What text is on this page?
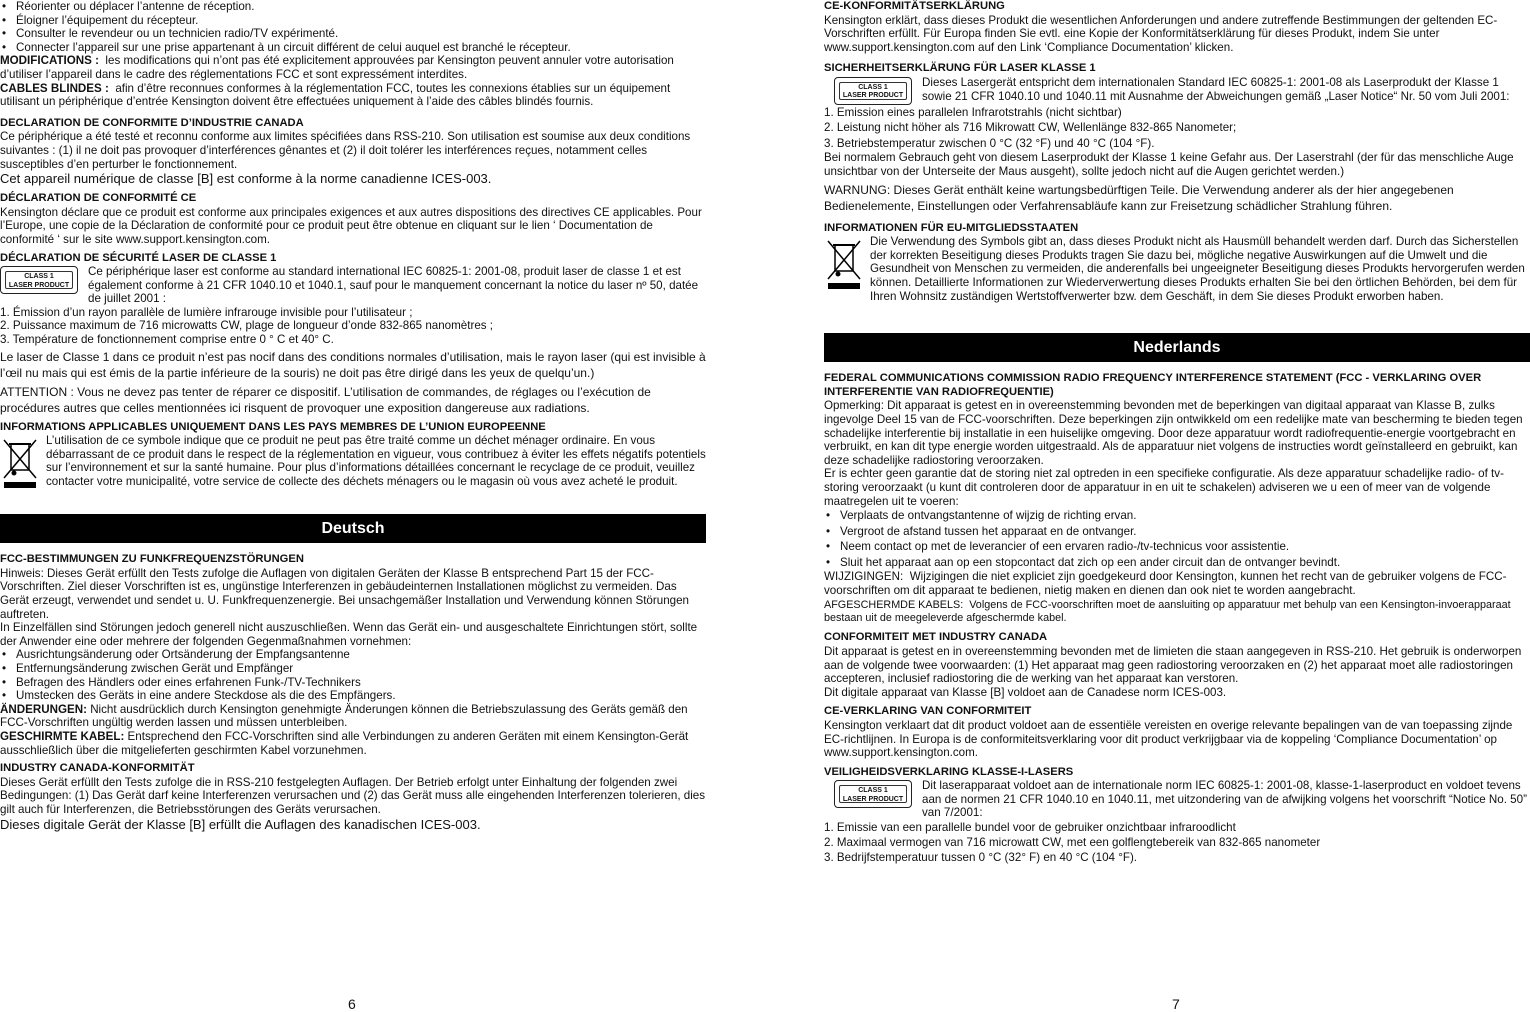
• Réorienter ou déplacer l’antenne de réception.
• Éloigner l’équipement du récepteur.
• Consulter le revendeur ou un technicien radio/TV expérimenté.
• Connecter l’appareil sur une prise appartenant à un circuit différent de celui auquel est branché le récepteur.

MODIFICATIONS : les modifications qui n’ont pas été explicitement approuvées par Kensington peuvent annuler votre autorisation d’utiliser l’appareil dans le cadre des réglementations FCC et sont expressément interdites.

CABLES BLINDES : afin d’être reconnues conformes à la réglementation FCC, toutes les connexions établies sur un équipement utilisant un périphérique d’entrée Kensington doivent être effectuées uniquement à l’aide des câbles blindés fournis.

DECLARATION DE CONFORMITE D’INDUSTRIE CANADA

Ce périphérique a été testé et reconnu conforme aux limites spécifiées dans RSS-210. Son utilisation est soumise aux deux conditions suivantes : (1) il ne doit pas provoquer d’interférences gênantes et (2) il doit tolérer les interférences reçues, notamment celles susceptibles d’en perturber le fonctionnement.

Cet appareil numérique de classe [B] est conforme à la norme canadienne ICES-003.

DÉCLARATION DE CONFORMITÉ CE

Kensington déclare que ce produit est conforme aux principales exigences et aux autres dispositions des directives CE applicables. Pour l’Europe, une copie de la Déclaration de conformité pour ce produit peut être obtenue en cliquant sur le lien ‘ Documentation de conformité ‘ sur le site www.support.kensington.com.

DÉCLARATION DE SÉCURITÉ LASER DE CLASSE 1
CLASS 1
LASER PRODUCT

Ce périphérique laser est conforme au standard international IEC 60825-1: 2001-08, produit laser de classe 1 et est également conforme à 21 CFR 1040.10 et 1040.1, sauf pour le manquement concernant la notice du laser nº 50, datée de juillet 2001 :

1. Émission d’un rayon parallèle de lumière infrarouge invisible pour l’utilisateur ;
2. Puissance maximum de 716 microwatts CW, plage de longueur d’onde 832-865 nanomètres ;
3. Température de fonctionnement comprise entre 0 ° C et 40° C.

Le laser de Classe 1 dans ce produit n’est pas nocif dans des conditions normales d’utilisation, mais le rayon laser (qui est invisible à l’œil nu mais qui est émis de la partie inférieure de la souris) ne doit pas être dirigé dans les yeux de quelqu’un.)

ATTENTION : Vous ne devez pas tenter de réparer ce dispositif. L’utilisation de commandes, de réglages ou l’exécution de procédures autres que celles mentionnées ici risquent de provoquer une exposition dangereuse aux radiations.

INFORMATIONS APPLICABLES UNIQUEMENT DANS LES PAYS MEMBRES DE L’UNION EUROPEENNE

L’utilisation de ce symbole indique que ce produit ne peut pas être traité comme un déchet ménager ordinaire. En vous débarrassant de ce produit dans le respect de la réglementation en vigueur, vous contribuez à éviter les effets négatifs potentiels sur l’environnement et sur la santé humaine. Pour plus d’informations détaillées concernant le recyclage de ce produit, veuillez contacter votre municipalité, votre service de collecte des déchets ménagers ou le magasin où vous avez acheté le produit.

Deutsch
FCC-BESTIMMUNGEN ZU FUNKFREQUENZSTÖRUNGEN

Hinweis: Dieses Gerät erfüllt den Tests zufolge die Auflagen von digitalen Geräten der Klasse B entsprechend Part 15 der FCC-Vorschriften. Ziel dieser Vorschriften ist es, ungünstige Interferenzen in gebäudeinternen Installationen möglichst zu vermeiden. Das Gerät erzeugt, verwendet und sendet u. U. Funkfrequenzenergie. Bei unsachgemäßer Installation und Verwendung können Störungen auftreten.

In Einzelfällen sind Störungen jedoch generell nicht auszuschließen. Wenn das Gerät ein- und ausgeschaltete Einrichtungen stört, sollte der Anwender eine oder mehrere der folgenden Gegenmaßnahmen vornehmen:

• Ausrichtungsänderung oder Ortsänderung der Empfangsantenne
• Entfernungsänderung zwischen Gerät und Empfänger
• Befragen des Händlers oder eines erfahrenen Funk-/TV-Technikers
• Umstecken des Geräts in eine andere Steckdose als die des Empfängers.

ÄNDERUNGEN: Nicht ausdrücklich durch Kensington genehmigte Änderungen können die Betriebszulassung des Geräts gemäß den FCC-Vorschriften ungültig werden lassen und müssen unterbleiben.

GESCHIRMTE KABEL: Entsprechend den FCC-Vorschriften sind alle Verbindungen zu anderen Geräten mit einem Kensington-Gerät ausschließlich über die mitgelieferten geschirmten Kabel vorzunehmen.

INDUSTRY CANADA-KONFORMITÄT

Dieses Gerät erfüllt den Tests zufolge die in RSS-210 festgelegten Auflagen. Der Betrieb erfolgt unter Einhaltung der folgenden zwei Bedingungen: (1) Das Gerät darf keine Interferenzen verursachen und (2) das Gerät muss alle eingehenden Interferenzen tolerieren, dies gilt auch für Interferenzen, die Betriebsstörungen des Geräts verursachen.

Dieses digitale Gerät der Klasse [B] erfüllt die Auflagen des kanadischen ICES-003.

6
CE-KONFORMITÄTSERKLÄRUNG

Kensington erklärt, dass dieses Produkt die wesentlichen Anforderungen und andere zutreffende Bestimmungen der geltenden EC-Vorschriften erfüllt. Für Europa finden Sie evtl. eine Kopie der Konformitätserklärung für dieses Produkt, indem Sie unter www.support.kensington.com auf den Link ‘Compliance Documentation’ klicken.

SICHERHEITSERKLÄRUNG FÜR LASER KLASSE 1
CLASS 1
LASER PRODUCT

Dieses Lasergerät entspricht dem internationalen Standard IEC 60825-1: 2001-08 als Laserprodukt der Klasse 1 sowie 21 CFR 1040.10 und 1040.11 mit Ausnahme der Abweichungen gemäß „Laser Notice“ Nr. 50 vom Juli 2001:

1. Emission eines parallelen Infrarotstrahls (nicht sichtbar)
2. Leistung nicht höher als 716 Mikrowatt CW, Wellenlänge 832-865 Nanometer;
3. Betriebstemperatur zwischen 0 °C (32 °F) und 40 °C (104 °F).

Bei normalem Gebrauch geht von diesem Laserprodukt der Klasse 1 keine Gefahr aus. Der Laserstrahl (der für das menschliche Auge unsichtbar von der Unterseite der Maus ausgeht), sollte jedoch nicht auf die Augen gerichtet werden.)

WARNUNG: Dieses Gerät enthält keine wartungsbedürftigen Teile. Die Verwendung anderer als der hier angegebenen Bedienelemente, Einstellungen oder Verfahrensabläufe kann zur Freisetzung schädlicher Strahlung führen.

INFORMATIONEN FÜR EU-MITGLIEDSSTAATEN

Die Verwendung des Symbols gibt an, dass dieses Produkt nicht als Hausmüll behandelt werden darf. Durch das Sicherstellen der korrekten Beseitigung dieses Produkts tragen Sie dazu bei, mögliche negative Auswirkungen auf die Umwelt und die Gesundheit von Menschen zu vermeiden, die anderenfalls bei ungeeigneter Beseitigung dieses Produkts hervorgerufen werden können. Detaillierte Informationen zur Wiederverwertung dieses Produkts erhalten Sie bei den örtlichen Behörden, bei dem für Ihren Wohnsitz zuständigen Wertstoffverwerter bzw. dem Geschäft, in dem Sie dieses Produkt erworben haben.

Nederlands
FEDERAL COMMUNICATIONS COMMISSION RADIO FREQUENCY INTERFERENCE STATEMENT (FCC - VERKLARING OVER INTERFERENTIE VAN RADIOFREQUENTIE)

Opmerking: Dit apparaat is getest en in overeenstemming bevonden met de beperkingen van digitaal apparaat van Klasse B, zulks ingevolge Deel 15 van de FCC-voorschriften. Deze beperkingen zijn ontwikkeld om een redelijke mate van bescherming te bieden tegen schadelijke interferentie bij installatie in een huiselijke omgeving. Door deze apparatuur wordt radiofrequentie-energie voortgebracht en verbruikt, en kan dit type energie worden uitgestraald. Als de apparatuur niet volgens de instructies wordt geïnstalleerd en gebruikt, kan deze schadelijke radiostoring veroorzaken.

Er is echter geen garantie dat de storing niet zal optreden in een specifieke configuratie. Als deze apparatuur schadelijke radio- of tv-storing veroorzaakt (u kunt dit controleren door de apparatuur in en uit te schakelen) adviseren we u een of meer van de volgende maatregelen uit te voeren:

• Verplaats de ontvangstantenne of wijzig de richting ervan.
• Vergroot de afstand tussen het apparaat en de ontvanger.
• Neem contact op met de leverancier of een ervaren radio-/tv-technicus voor assistentie.
• Sluit het apparaat aan op een stopcontact dat zich op een ander circuit dan de ontvanger bevindt.

WIJZIGINGEN: Wijzigingen die niet expliciet zijn goedgekeurd door Kensington, kunnen het recht van de gebruiker volgens de FCC-voorschriften om dit apparaat te bedienen, nietig maken en dienen dan ook niet te worden aangebracht.

AFGESCHERMDE KABELS: Volgens de FCC-voorschriften moet de aansluiting op apparatuur met behulp van een Kensington-invoerapparaat bestaan uit de meegeleverde afgeschermde kabel.

CONFORMITEIT MET INDUSTRY CANADA

Dit apparaat is getest en in overeenstemming bevonden met de limieten die staan aangegeven in RSS-210. Het gebruik is onderworpen aan de volgende twee voorwaarden: (1) Het apparaat mag geen radiostoring veroorzaken en (2) het apparaat moet alle radiostoringen accepteren, inclusief radiostoring die de werking van het apparaat kan verstoren.

Dit digitale apparaat van Klasse [B] voldoet aan de Canadese norm ICES-003.

CE-VERKLARING VAN CONFORMITEIT

Kensington verklaart dat dit product voldoet aan de essentiële vereisten en overige relevante bepalingen van de van toepassing zijnde EC-richtlijnen. In Europa is de conformiteitsverklaring voor dit product verkrijgbaar via de koppeling ‘Compliance Documentation’ op www.support.kensington.com.

VEILIGHEIDSVERKLARING KLASSE-I-LASERS
CLASS 1
LASER PRODUCT

Dit laserapparaat voldoet aan de internationale norm IEC 60825-1: 2001-08, klasse-1-laserproduct en voldoet tevens aan de normen 21 CFR 1040.10 en 1040.11, met uitzondering van de afwijking volgens het voorschrift “Notice No. 50” van 7/2001:

1. Emissie van een parallelle bundel voor de gebruiker onzichtbaar infraroodlicht
2. Maximaal vermogen van 716 microwatt CW, met een golflengtebereik van 832-865 nanometer
3. Bedrijfstemperatuur tussen 0 °C (32° F) en 40 °C (104 °F).
7
